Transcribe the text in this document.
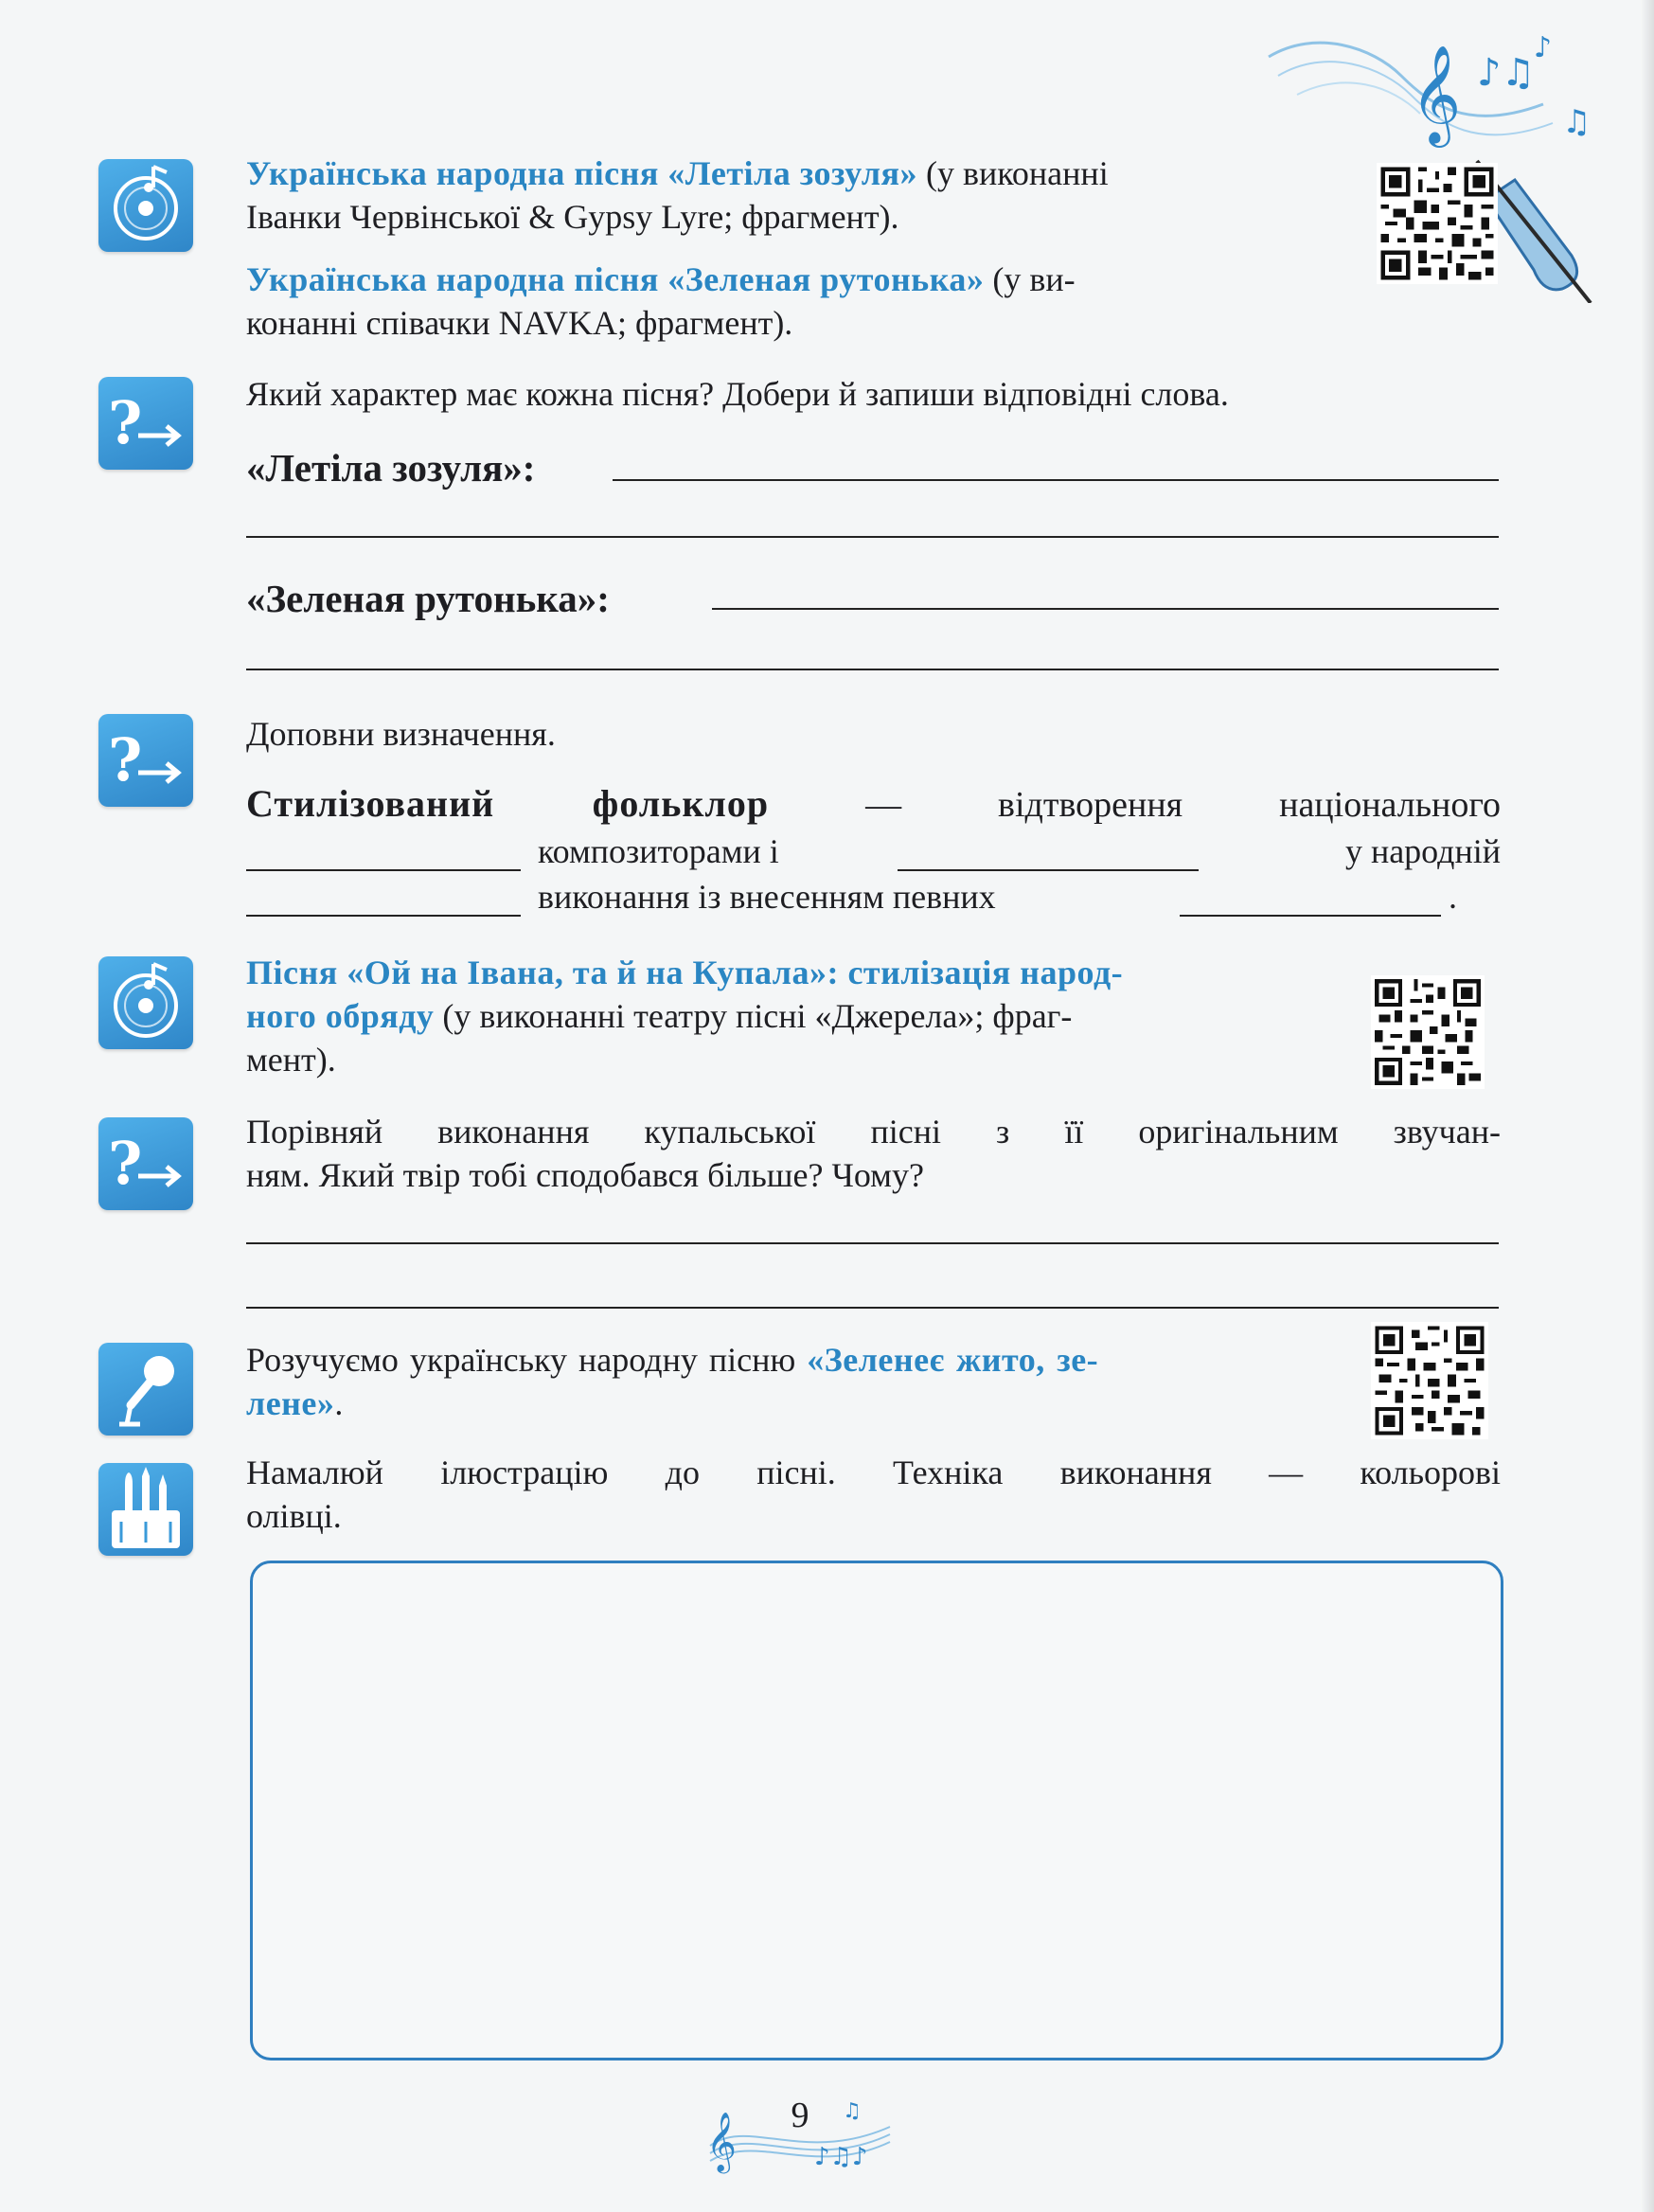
𝄞 ♪♫
♫
♪
Українська народна пісня «Летіла зозуля» (у виконанні
Іванки Червінської & Gypsy Lyre; фрагмент).
Українська народна пісня «Зеленая рутонька» (у ви-
конанні співачки NAVKA; фрагмент).
?	Який характер має кожна пісня? Добери й запиши відповідні слова.
«Летіла зозуля»:
«Зеленая рутонька»:
?	Доповни визначення.
Стилізований фольклор	— відтворення національного
композиторами і	у народній
виконання із внесенням певних	.
Пісня «Ой на Івана, та й на Купала»: стилізація народ-
ного обряду (у виконанні театру пісні «Джерела»; фраг-
мент).
?	Порівняй виконання купальської пісні з її оригінальним звучан-
ням. Який твір тобі сподобався більше? Чому?
Розучуємо українську народну пісню «Зеленеє жито, зе-
лене».
Намалюй ілюстрацію до пісні. Техніка виконання — кольорові
олівці.
𝄞	♪♫♪
♫
9
